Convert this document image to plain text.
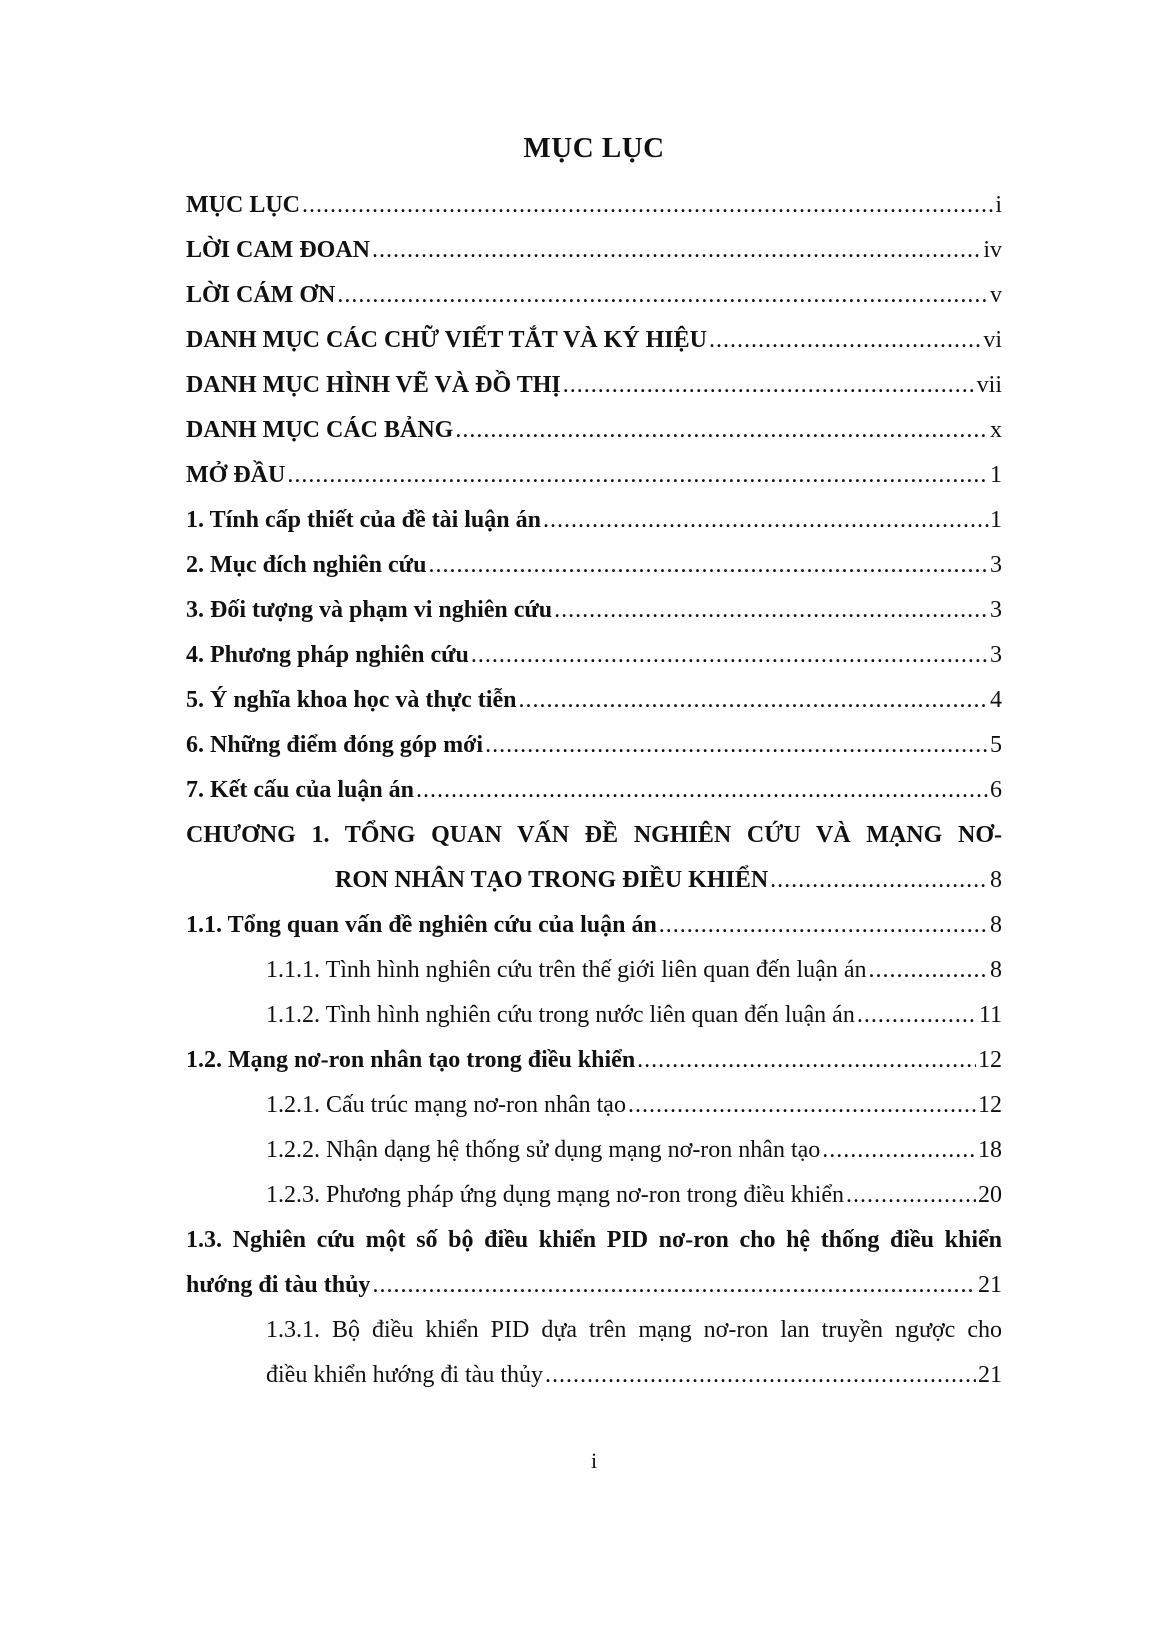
MỤC LỤC
MỤC LỤC .....	i
LỜI CAM ĐOAN .....	iv
LỜI CÁM ƠN .....	v
DANH MỤC CÁC CHỮ VIẾT TẮT VÀ KÝ HIỆU .....	vi
DANH MỤC HÌNH VẼ VÀ ĐỒ THỊ .....	vii
DANH MỤC CÁC BẢNG .....	x
MỞ ĐẦU .....	1
1. Tính cấp thiết của đề tài luận án .....	.1
2. Mục đích nghiên cứu .....	3
3. Đối tượng và phạm vi nghiên cứu .....	3
4. Phương pháp nghiên cứu .....	3
5. Ý nghĩa khoa học và thực tiễn .....	4
6. Những điểm đóng góp mới .....	5
7. Kết cấu của luận án .....	6
CHƯƠNG 1. TỔNG QUAN VẤN ĐỀ NGHIÊN CỨU VÀ MẠNG NƠ-
RON NHÂN TẠO TRONG ĐIỀU KHIỂN .....	8
1.1. Tổng quan vấn đề nghiên cứu của luận án .....	8
1.1.1. Tình hình nghiên cứu trên thế giới liên quan đến luận án .....	8
1.1.2. Tình hình nghiên cứu trong nước liên quan đến luận án .....	11
1.2. Mạng nơ-ron nhân tạo trong điều khiển .....	12
1.2.1. Cấu trúc mạng nơ-ron nhân tạo .....	12
1.2.2. Nhận dạng hệ thống sử dụng mạng nơ-ron nhân tạo .....	18
1.2.3. Phương pháp ứng dụng mạng nơ-ron trong điều khiển .....	20
1.3. Nghiên cứu một số bộ điều khiển PID nơ-ron cho hệ thống điều khiển
hướng đi tàu thủy .....	21
1.3.1. Bộ điều khiển PID dựa trên mạng nơ-ron lan truyền ngược cho
điều khiển hướng đi tàu thủy .....	21
i
